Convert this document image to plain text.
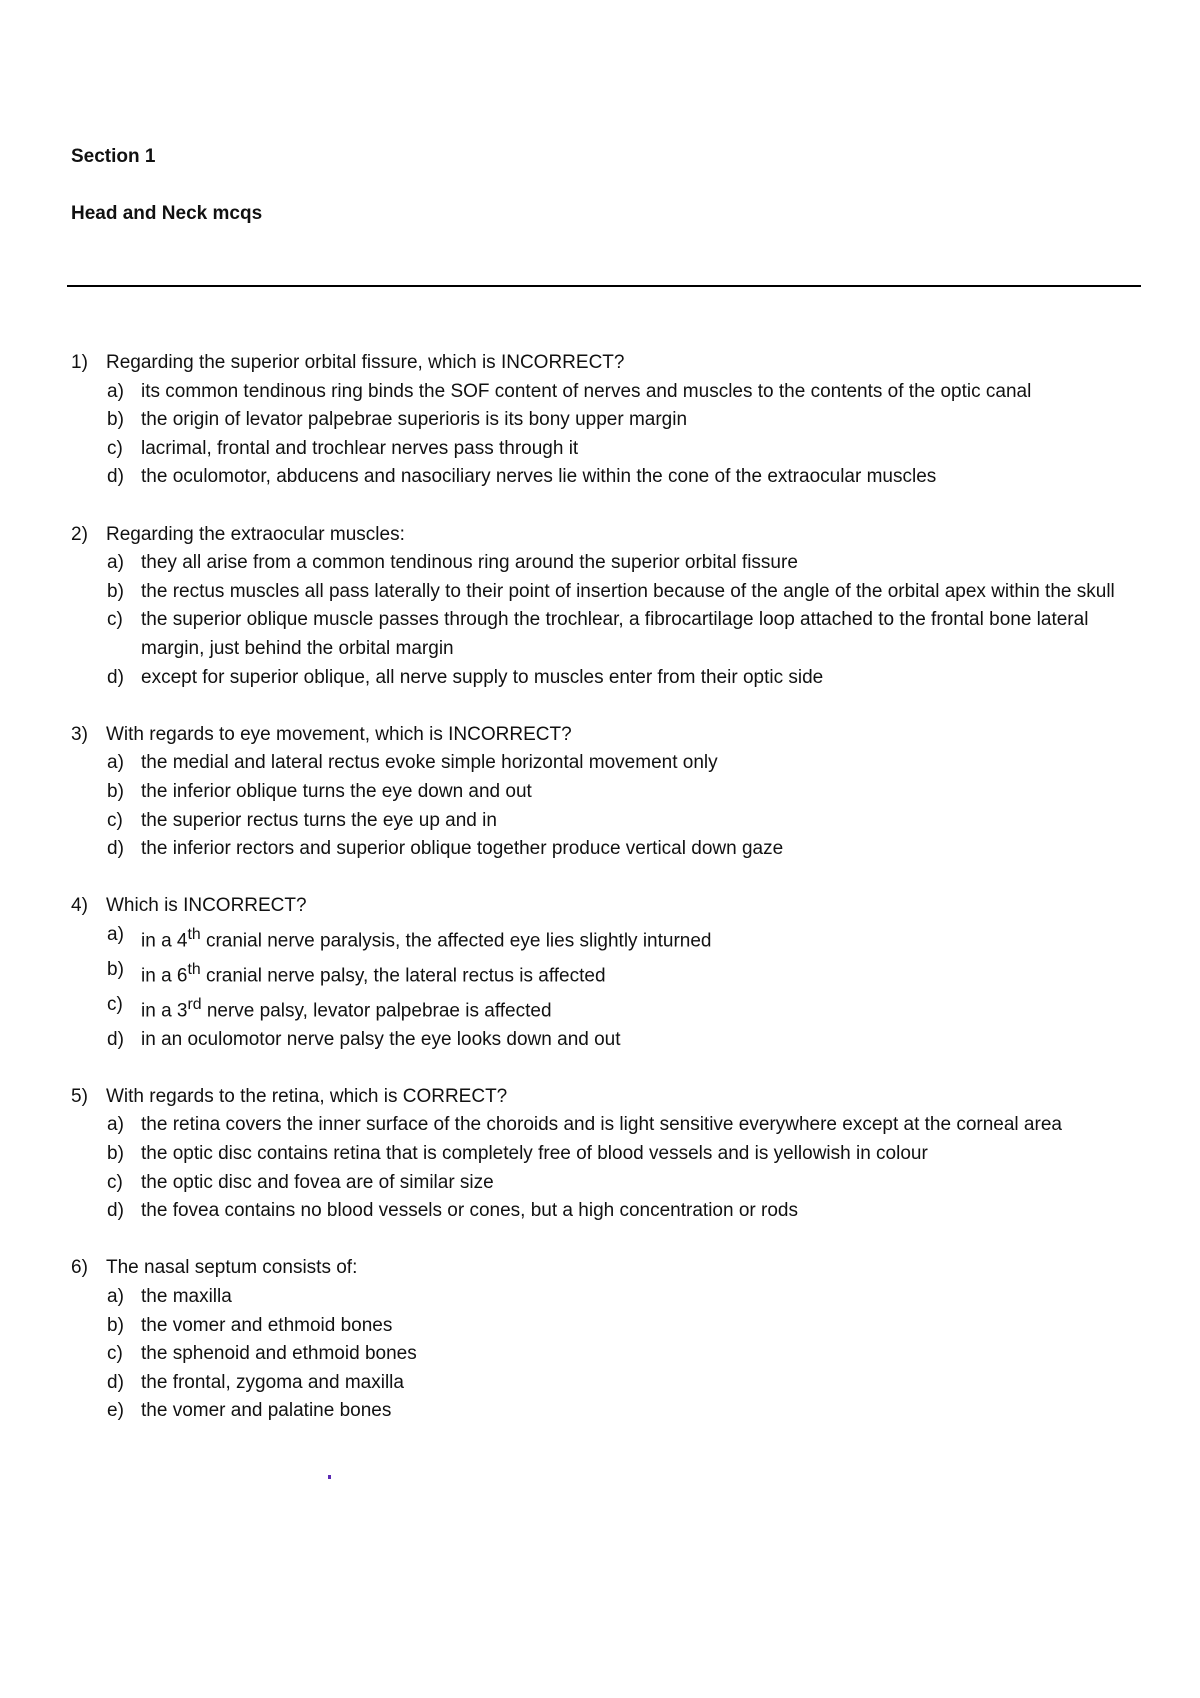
Section 1
Head and Neck mcqs
1) Regarding the superior orbital fissure, which is INCORRECT?
a) its common tendinous ring binds the SOF content of nerves and muscles to the contents of the optic canal
b) the origin of levator palpebrae superioris is its bony upper margin
c) lacrimal, frontal and trochlear nerves pass through it
d) the oculomotor, abducens and nasociliary nerves lie within the cone of the extraocular muscles
2) Regarding the extraocular muscles:
a) they all arise from a common tendinous ring around the superior orbital fissure
b) the rectus muscles all pass laterally to their point of insertion because of the angle of the orbital apex within the skull
c) the superior oblique muscle passes through the trochlear, a fibrocartilage loop attached to the frontal bone lateral margin, just behind the orbital margin
d) except for superior oblique, all nerve supply to muscles enter from their optic side
3) With regards to eye movement, which is INCORRECT?
a) the medial and lateral rectus evoke simple horizontal movement only
b) the inferior oblique turns the eye down and out
c) the superior rectus turns the eye up and in
d) the inferior rectors and superior oblique together produce vertical down gaze
4) Which is INCORRECT?
a) in a 4th cranial nerve paralysis, the affected eye lies slightly inturned
b) in a 6th cranial nerve palsy, the lateral rectus is affected
c) in a 3rd nerve palsy, levator palpebrae is affected
d) in an oculomotor nerve palsy the eye looks down and out
5) With regards to the retina, which is CORRECT?
a) the retina covers the inner surface of the choroids and is light sensitive everywhere except at the corneal area
b) the optic disc contains retina that is completely free of blood vessels and is yellowish in colour
c) the optic disc and fovea are of similar size
d) the fovea contains no blood vessels or cones, but a high concentration or rods
6) The nasal septum consists of:
a) the maxilla
b) the vomer and ethmoid bones
c) the sphenoid and ethmoid bones
d) the frontal, zygoma and maxilla
e) the vomer and palatine bones
